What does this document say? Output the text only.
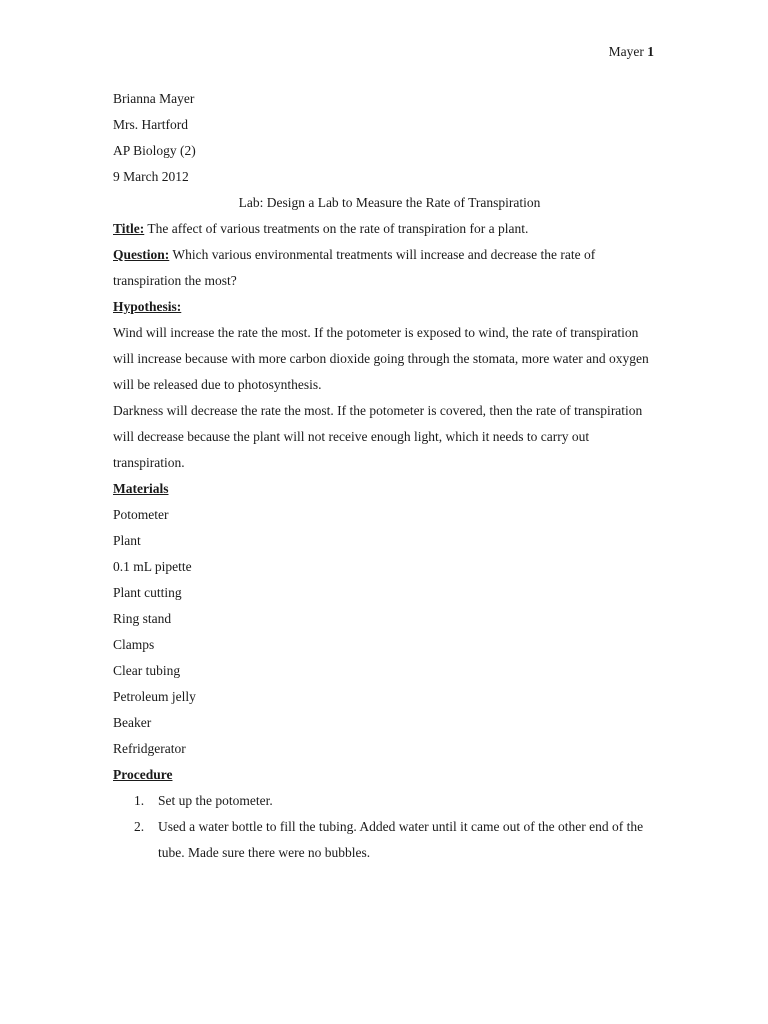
Mayer 1
Brianna Mayer
Mrs. Hartford
AP Biology (2)
9 March 2012
Lab: Design a Lab to Measure the Rate of Transpiration
Title: The affect of various treatments on the rate of transpiration for a plant.
Question: Which various environmental treatments will increase and decrease the rate of transpiration the most?
Hypothesis:
Wind will increase the rate the most. If the potometer is exposed to wind, the rate of transpiration will increase because with more carbon dioxide going through the stomata, more water and oxygen will be released due to photosynthesis.
Darkness will decrease the rate the most. If the potometer is covered, then the rate of transpiration will decrease because the plant will not receive enough light, which it needs to carry out transpiration.
Materials
Potometer
Plant
0.1 mL pipette
Plant cutting
Ring stand
Clamps
Clear tubing
Petroleum jelly
Beaker
Refridgerator
Procedure
1. Set up the potometer.
2. Used a water bottle to fill the tubing. Added water until it came out of the other end of the tube. Made sure there were no bubbles.
